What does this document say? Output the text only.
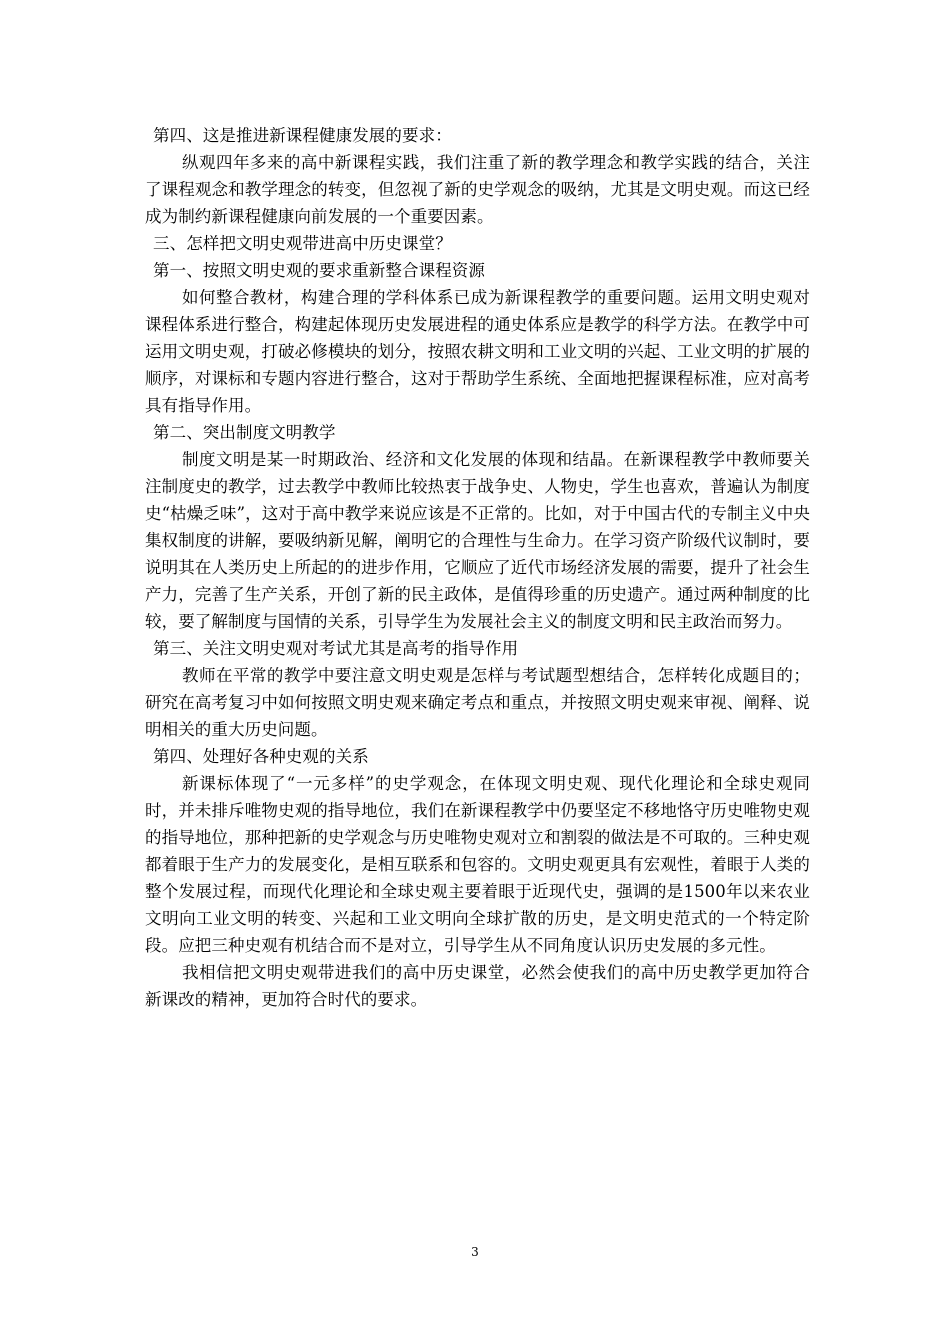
第四、这是推进新课程健康发展的要求：

纵观四年多来的高中新课程实践，我们注重了新的教学理念和教学实践的结合，关注了课程观念和教学理念的转变，但忽视了新的史学观念的吸纳，尤其是文明史观。而这已经成为制约新课程健康向前发展的一个重要因素。

三、怎样把文明史观带进高中历史课堂？

第一、按照文明史观的要求重新整合课程资源

如何整合教材，构建合理的学科体系已成为新课程教学的重要问题。运用文明史观对课程体系进行整合，构建起体现历史发展进程的通史体系应是教学的科学方法。在教学中可运用文明史观，打破必修模块的划分，按照农耕文明和工业文明的兴起、工业文明的扩展的顺序，对课标和专题内容进行整合，这对于帮助学生系统、全面地把握课程标准，应对高考具有指导作用。

第二、突出制度文明教学

制度文明是某一时期政治、经济和文化发展的体现和结晶。在新课程教学中教师要关注制度史的教学，过去教学中教师比较热衷于战争史、人物史，学生也喜欢，普遍认为制度史“枯燥乏味”，这对于高中教学来说应该是不正常的。比如，对于中国古代的专制主义中央集权制度的讲解，要吸纳新见解，阐明它的合理性与生命力。在学习资产阶级代议制时，要说明其在人类历史上所起的的进步作用，它顺应了近代市场经济发展的需要，提升了社会生产力，完善了生产关系，开创了新的民主政体，是值得珍重的历史遗产。通过两种制度的比较，要了解制度与国情的关系，引导学生为发展社会主义的制度文明和民主政治而努力。

第三、关注文明史观对考试尤其是高考的指导作用

教师在平常的教学中要注意文明史观是怎样与考试题型想结合，怎样转化成题目的；研究在高考复习中如何按照文明史观来确定考点和重点，并按照文明史观来审视、阐释、说明相关的重大历史问题。

第四、处理好各种史观的关系

新课标体现了“一元多样”的史学观念，在体现文明史观、现代化理论和全球史观同时，并未排斥唯物史观的指导地位，我们在新课程教学中仍要坚定不移地恪守历史唯物史观的指导地位，那种把新的史学观念与历史唯物史观对立和割裂的做法是不可取的。三种史观都着眼于生产力的发展变化，是相互联系和包容的。文明史观更具有宏观性，着眼于人类的整个发展过程，而现代化理论和全球史观主要着眼于近现代史，强调的是1500年以来农业文明向工业文明的转变、兴起和工业文明向全球扩散的历史，是文明史范式的一个特定阶段。应把三种史观有机结合而不是对立，引导学生从不同角度认识历史发展的多元性。

我相信把文明史观带进我们的高中历史课堂，必然会使我们的高中历史教学更加符合新课改的精神，更加符合时代的要求。

3
